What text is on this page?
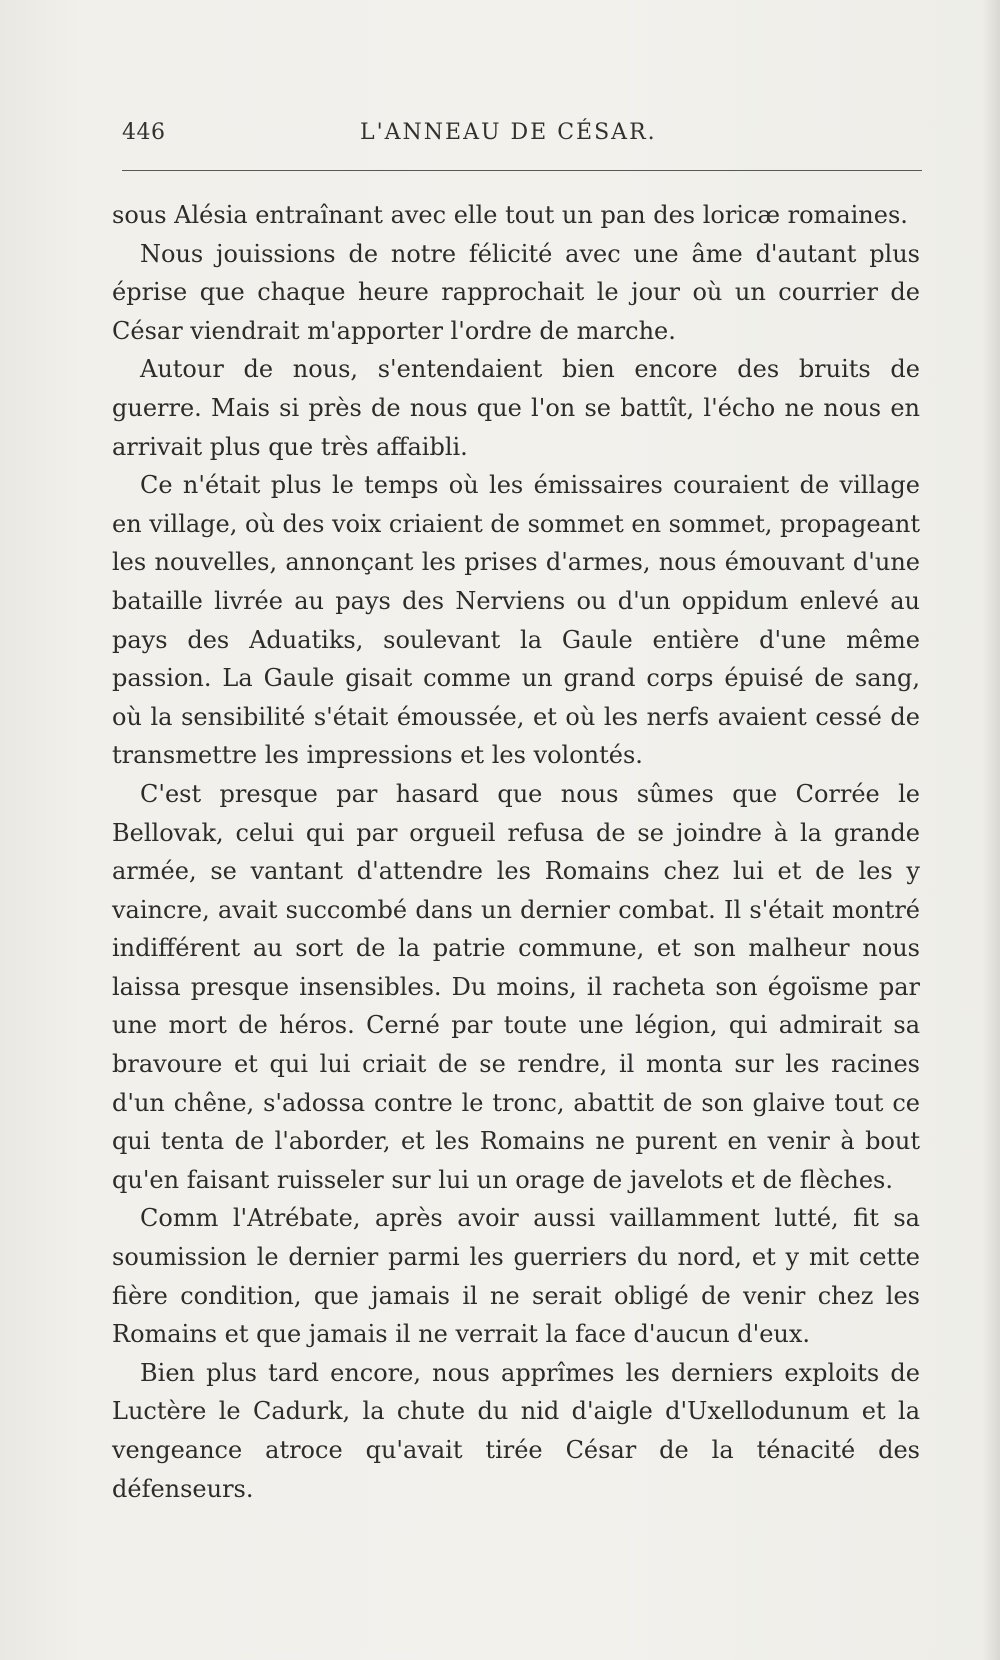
446	L'ANNEAU DE CÉSAR.

sous Alésia entraînant avec elle tout un pan des loricæ romaines.

Nous jouissions de notre félicité avec une âme d'autant plus éprise que chaque heure rapprochait le jour où un courrier de César viendrait m'apporter l'ordre de marche.

Autour de nous, s'entendaient bien encore des bruits de guerre. Mais si près de nous que l'on se battît, l'écho ne nous en arrivait plus que très affaibli.

Ce n'était plus le temps où les émissaires couraient de village en village, où des voix criaient de sommet en sommet, propageant les nouvelles, annonçant les prises d'armes, nous émouvant d'une bataille livrée au pays des Nerviens ou d'un oppidum enlevé au pays des Aduatiks, soulevant la Gaule entière d'une même passion. La Gaule gisait comme un grand corps épuisé de sang, où la sensibilité s'était émoussée, et où les nerfs avaient cessé de transmettre les impressions et les volontés.

C'est presque par hasard que nous sûmes que Corrée le Bellovak, celui qui par orgueil refusa de se joindre à la grande armée, se vantant d'attendre les Romains chez lui et de les y vaincre, avait succombé dans un dernier combat. Il s'était montré indifférent au sort de la patrie commune, et son malheur nous laissa presque insensibles. Du moins, il racheta son égoïsme par une mort de héros. Cerné par toute une légion, qui admirait sa bravoure et qui lui criait de se rendre, il monta sur les racines d'un chêne, s'adossa contre le tronc, abattit de son glaive tout ce qui tenta de l'aborder, et les Romains ne purent en venir à bout qu'en faisant ruisseler sur lui un orage de javelots et de flèches.

Comm l'Atrébate, après avoir aussi vaillamment lutté, fit sa soumission le dernier parmi les guerriers du nord, et y mit cette fière condition, que jamais il ne serait obligé de venir chez les Romains et que jamais il ne verrait la face d'aucun d'eux.

Bien plus tard encore, nous apprîmes les derniers exploits de Luctère le Cadurk, la chute du nid d'aigle d'Uxellodunum et la vengeance atroce qu'avait tirée César de la ténacité des défenseurs.
